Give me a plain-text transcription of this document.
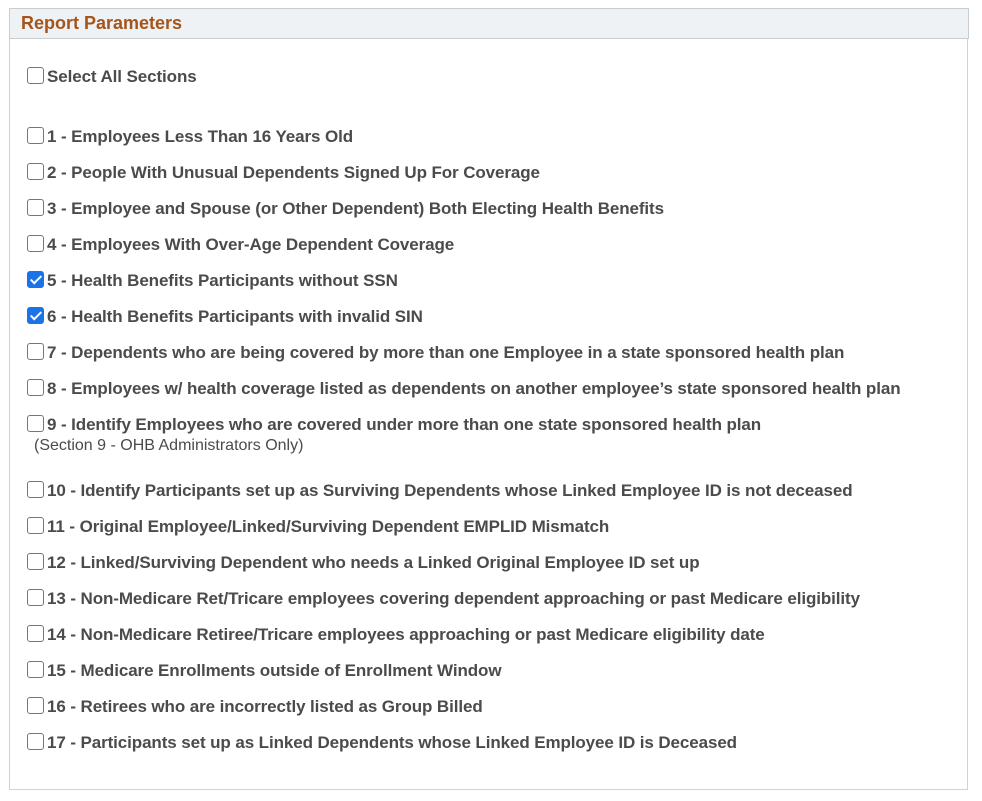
Report Parameters
Select All Sections
1 - Employees Less Than 16 Years Old
2 - People With Unusual Dependents Signed Up For Coverage
3 - Employee and Spouse (or Other Dependent) Both Electing Health Benefits
4 - Employees With Over-Age Dependent Coverage
5 - Health Benefits Participants without SSN
6 - Health Benefits Participants with invalid SIN
7 - Dependents who are being covered by more than one Employee in a state sponsored health plan
8 - Employees w/ health coverage listed as dependents on another employee’s state sponsored health plan
9 - Identify Employees who are covered under more than one state sponsored health plan
(Section 9 - OHB Administrators Only)
10 - Identify Participants set up as Surviving Dependents whose Linked Employee ID is not deceased
11 - Original Employee/Linked/Surviving Dependent EMPLID Mismatch
12 - Linked/Surviving Dependent who needs a Linked Original Employee ID set up
13 - Non-Medicare Ret/Tricare employees covering dependent approaching or past Medicare eligibility
14 - Non-Medicare Retiree/Tricare employees approaching or past Medicare eligibility date
15 - Medicare Enrollments outside of Enrollment Window
16 - Retirees who are incorrectly listed as Group Billed
17 - Participants set up as Linked Dependents whose Linked Employee ID is Deceased
